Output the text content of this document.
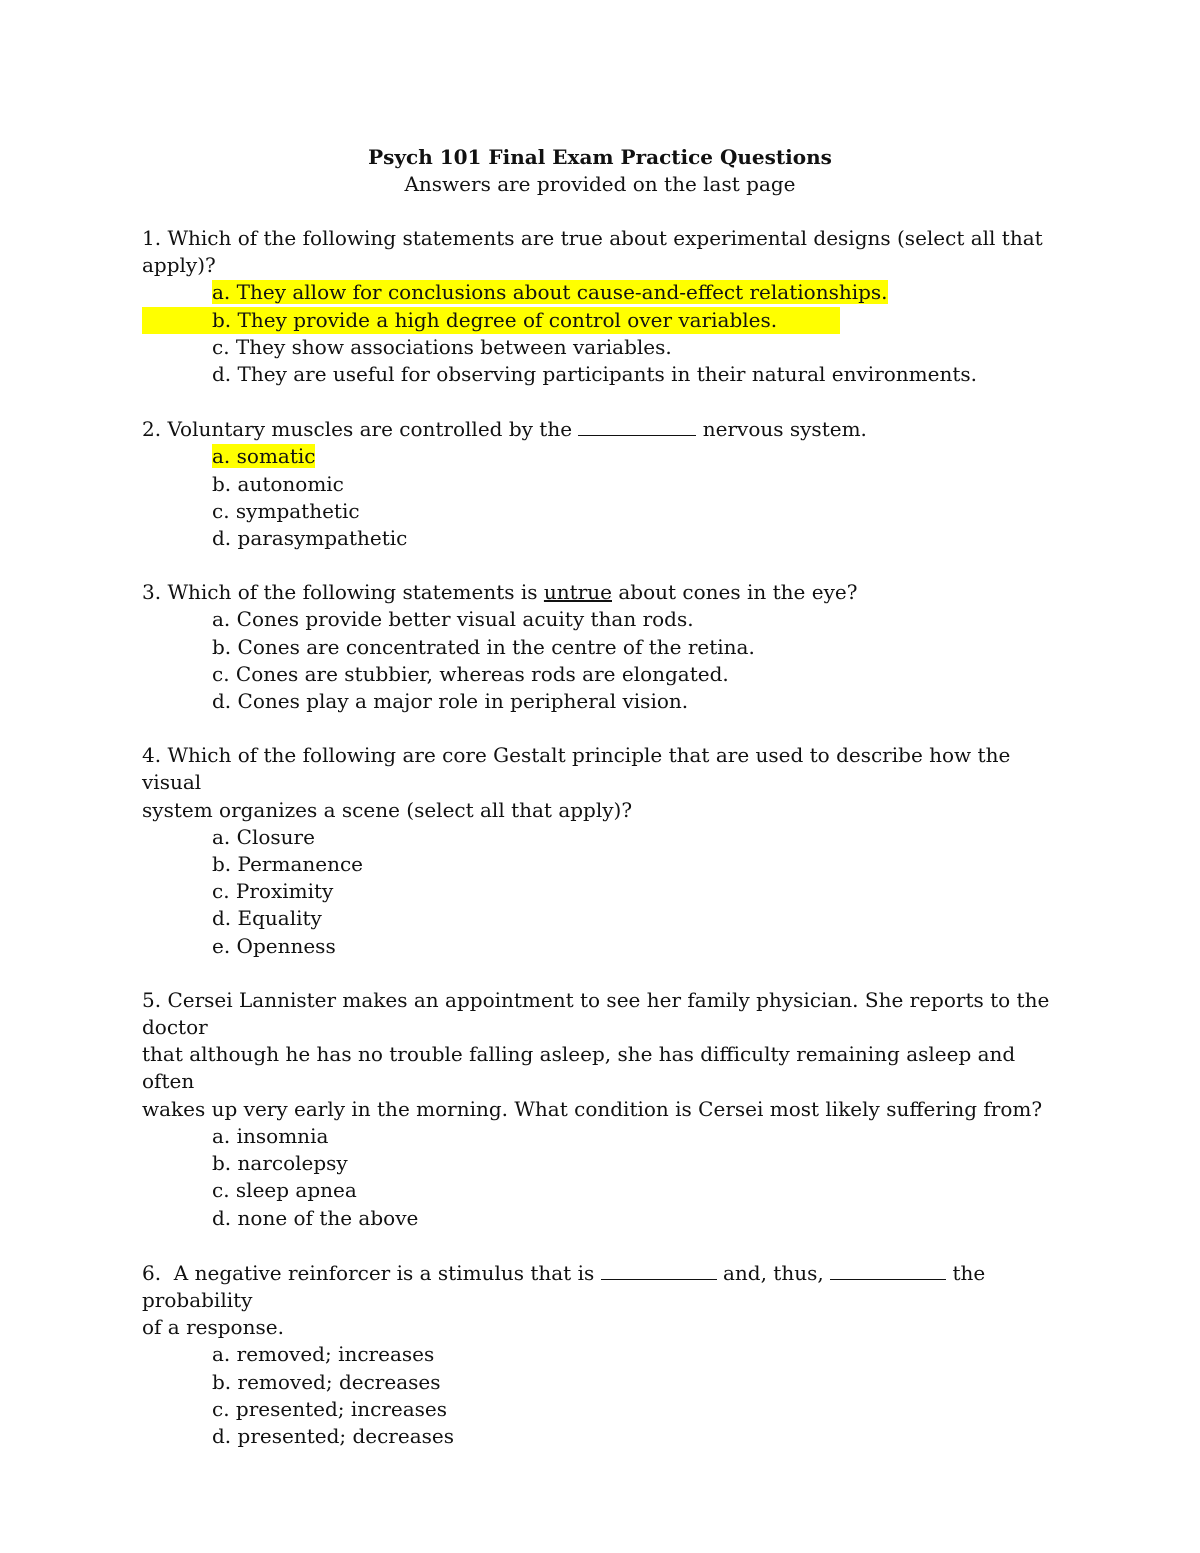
Psych 101 Final Exam Practice Questions
Answers are provided on the last page
1. Which of the following statements are true about experimental designs (select all that apply)?
a. They allow for conclusions about cause-and-effect relationships.
b. They provide a high degree of control over variables.
c. They show associations between variables.
d. They are useful for observing participants in their natural environments.
2. Voluntary muscles are controlled by the	nervous system.
a. somatic
b. autonomic
c. sympathetic
d. parasympathetic
3. Which of the following statements is untrue about cones in the eye?
a. Cones provide better visual acuity than rods.
b. Cones are concentrated in the centre of the retina.
c. Cones are stubbier, whereas rods are elongated.
d. Cones play a major role in peripheral vision.
4. Which of the following are core Gestalt principle that are used to describe how the visual
system organizes a scene (select all that apply)?
a. Closure
b. Permanence
c. Proximity
d. Equality
e. Openness
5. Cersei Lannister makes an appointment to see her family physician. She reports to the doctor
that although he has no trouble falling asleep, she has difficulty remaining asleep and often
wakes up very early in the morning. What condition is Cersei most likely suffering from?
a. insomnia
b. narcolepsy
c. sleep apnea
d. none of the above
6.  A negative reinforcer is a stimulus that is	and, thus,	the probability
of a response.
a. removed; increases
b. removed; decreases
c. presented; increases
d. presented; decreases
